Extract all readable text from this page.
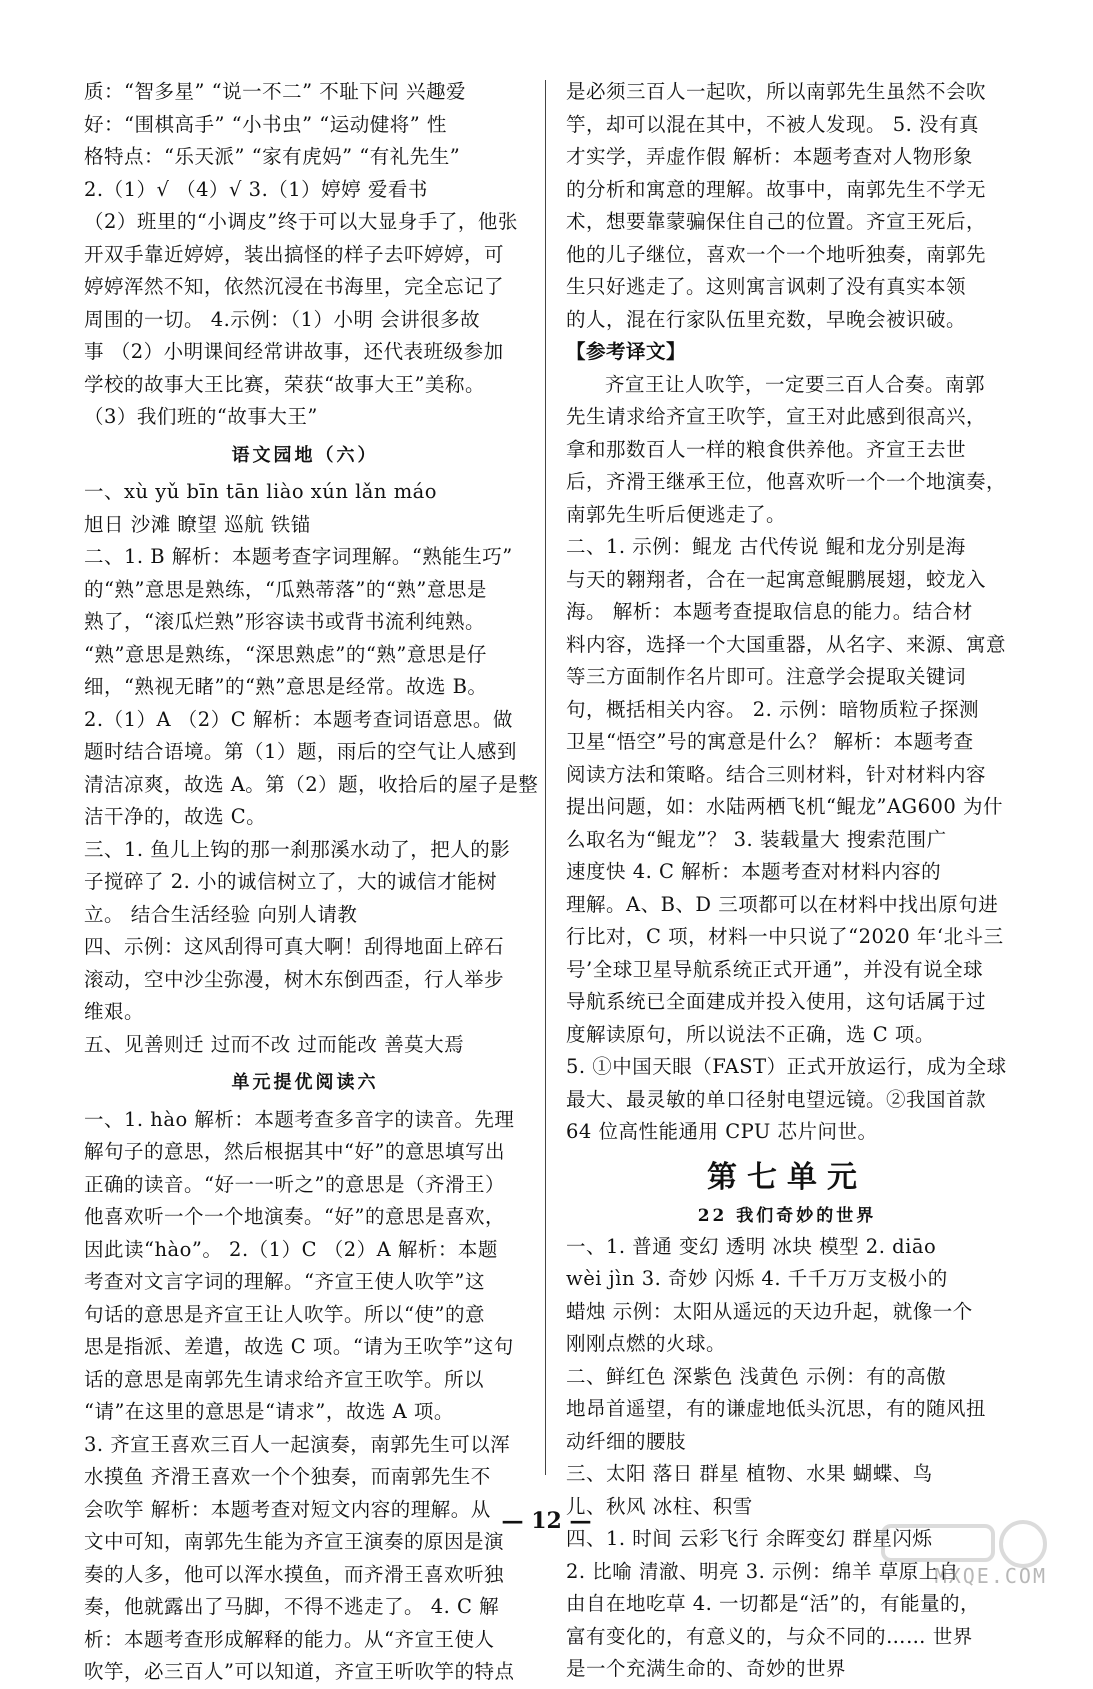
质：“智多星” “说一不二” 不耻下问 兴趣爱
好：“围棋高手” “小书虫” “运动健将” 性
格特点：“乐天派” “家有虎妈” “有礼先生”

2.（1）√ （4）√ 3.（1）婷婷 爱看书
（2）班里的“小调皮”终于可以大显身手了，他张
开双手靠近婷婷，装出搞怪的样子去吓婷婷，可
婷婷浑然不知，依然沉浸在书海里，完全忘记了
周围的一切。 4.示例：（1）小明 会讲很多故
事 （2）小明课间经常讲故事，还代表班级参加
学校的故事大王比赛，荣获“故事大王”美称。
（3）我们班的“故事大王”

语文园地（六）

一、xù yǔ bīn tān liào xún lǎn máo
旭日 沙滩 瞭望 巡航 铁锚

二、1. B 解析：本题考查字词理解。“熟能生巧”
的“熟”意思是熟练，“瓜熟蒂落”的“熟”意思是
熟了，“滚瓜烂熟”形容读书或背书流利纯熟。
“熟”意思是熟练，“深思熟虑”的“熟”意思是仔
细，“熟视无睹”的“熟”意思是经常。故选 B。
2.（1）A （2）C 解析：本题考查词语意思。做
题时结合语境。第（1）题，雨后的空气让人感到
清洁凉爽，故选 A。第（2）题，收拾后的屋子是整
洁干净的，故选 C。

三、1. 鱼儿上钩的那一刹那溪水动了，把人的影
子搅碎了 2. 小的诚信树立了，大的诚信才能树
立。 结合生活经验 向别人请教

四、示例：这风刮得可真大啊！刮得地面上碎石
滚动，空中沙尘弥漫，树木东倒西歪，行人举步
维艰。

五、见善则迁 过而不改 过而能改 善莫大焉

单元提优阅读六

一、1. hào 解析：本题考查多音字的读音。先理
解句子的意思，然后根据其中“好”的意思填写出
正确的读音。“好一一听之”的意思是（齐滑王）
他喜欢听一个一个地演奏。“好”的意思是喜欢，
因此读“hào”。 2.（1）C （2）A 解析：本题
考查对文言字词的理解。“齐宣王使人吹竽”这
句话的意思是齐宣王让人吹竽。所以“使”的意
思是指派、差遣，故选 C 项。“请为王吹竽”这句
话的意思是南郭先生请求给齐宣王吹竽。所以
“请”在这里的意思是“请求”，故选 A 项。

3. 齐宣王喜欢三百人一起演奏，南郭先生可以浑
水摸鱼 齐滑王喜欢一个个独奏，而南郭先生不
会吹竽 解析：本题考查对短文内容的理解。从
文中可知，南郭先生能为齐宣王演奏的原因是演
奏的人多，他可以浑水摸鱼，而齐滑王喜欢听独
奏，他就露出了马脚，不得不逃走了。 4. C 解
析：本题考查形成解释的能力。从“齐宣王使人
吹竽，必三百人”可以知道，齐宣王听吹竽的特点

是必须三百人一起吹，所以南郭先生虽然不会吹
竽，却可以混在其中，不被人发现。 5. 没有真
才实学，弄虚作假 解析：本题考查对人物形象
的分析和寓意的理解。故事中，南郭先生不学无
术，想要靠蒙骗保住自己的位置。齐宣王死后，
他的儿子继位，喜欢一个一个地听独奏，南郭先
生只好逃走了。这则寓言讽刺了没有真实本领
的人，混在行家队伍里充数，早晚会被识破。

【参考译文】

齐宣王让人吹竽，一定要三百人合奏。南郭
先生请求给齐宣王吹竽，宣王对此感到很高兴，
拿和那数百人一样的粮食供养他。齐宣王去世
后，齐滑王继承王位，他喜欢听一个一个地演奏，
南郭先生听后便逃走了。

二、1. 示例：鲲龙 古代传说 鲲和龙分别是海
与天的翱翔者，合在一起寓意鲲鹏展翅，蛟龙入
海。 解析：本题考查提取信息的能力。结合材
料内容，选择一个大国重器，从名字、来源、寓意
等三方面制作名片即可。注意学会提取关键词
句，概括相关内容。 2. 示例：暗物质粒子探测
卫星“悟空”号的寓意是什么？ 解析：本题考查
阅读方法和策略。结合三则材料，针对材料内容
提出问题，如：水陆两栖飞机“鲲龙”AG600 为什
么取名为“鲲龙”？ 3. 装载量大 搜索范围广
速度快 4. C 解析：本题考查对材料内容的
理解。A、B、D 三项都可以在材料中找出原句进
行比对，C 项，材料一中只说了“2020 年‘北斗三
号’全球卫星导航系统正式开通”，并没有说全球
导航系统已全面建成并投入使用，这句话属于过
度解读原句，所以说法不正确，选 C 项。

5. ①中国天眼（FAST）正式开放运行，成为全球
最大、最灵敏的单口径射电望远镜。②我国首款
64 位高性能通用 CPU 芯片问世。

第七单元
22 我们奇妙的世界

一、1. 普通 变幻 透明 冰块 模型 2. diāo
wèi jìn 3. 奇妙 闪烁 4. 千千万万支极小的
蜡烛 示例：太阳从遥远的天边升起，就像一个
刚刚点燃的火球。

二、鲜红色 深紫色 浅黄色 示例：有的高傲
地昂首遥望，有的谦虚地低头沉思，有的随风扭
动纤细的腰肢

三、太阳 落日 群星 植物、水果 蝴蝶、鸟
儿、秋风 冰柱、积雪

四、1. 时间 云彩飞行 余晖变幻 群星闪烁
2. 比喻 清澈、明亮 3. 示例：绵羊 草原上自
由自在地吃草 4. 一切都是“活”的，有能量的，
富有变化的，有意义的，与众不同的…… 世界
是一个充满生命的、奇妙的世界

— 12 —
MXQE.COM
